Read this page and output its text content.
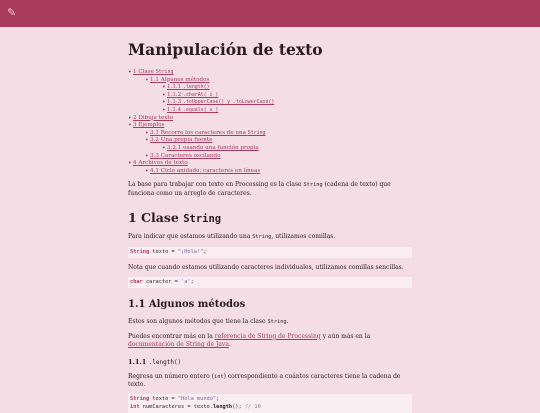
✎
Manipulación de texto
• 1 Clase String
• 1.1 Algunos métodos
• 1.1.1 .length()
• 1.1.2 .charAt( i )
• 1.1.3 .toUpperCase() y .toLowerCase()
• 1.1.4 .equals( s )
• 2 Dibuja texto
• 3 Ejemplos
• 3.1 Recorre los caracteres de una String
• 3.2 Una propia fuente
• 3.2.1 usando una función propia
• 3.3 Caracteres oscilando
• 4 Archivos de texto
• 4.1 Ciclo anidado: caracteres en líneas

La base para trabajar con texto en Processing es la clase String (cadena de texto) que funciona como un arreglo de caracteres.

1 Clase String

Para indicar que estamos utilizando una String, utilizamos comillas.

String texto = "¡Hola!";

Nota que cuando estamos utilizando caracteres individuales, utilizamos comillas sencillas.

char caracter = 'a';
1.1 Algunos métodos

Estos son algunos métodos que tiene la clase String.

Puedes encontrar más en la referencia de String de Processing y aún más en la documentación de String de Java.

1.1.1 .length()

Regresa un número entero (int) correspondiente a cuántos caracteres tiene la cadena de texto.

String texto = "Hola mundo";
int numCaracteres = texto.length(); // 10
